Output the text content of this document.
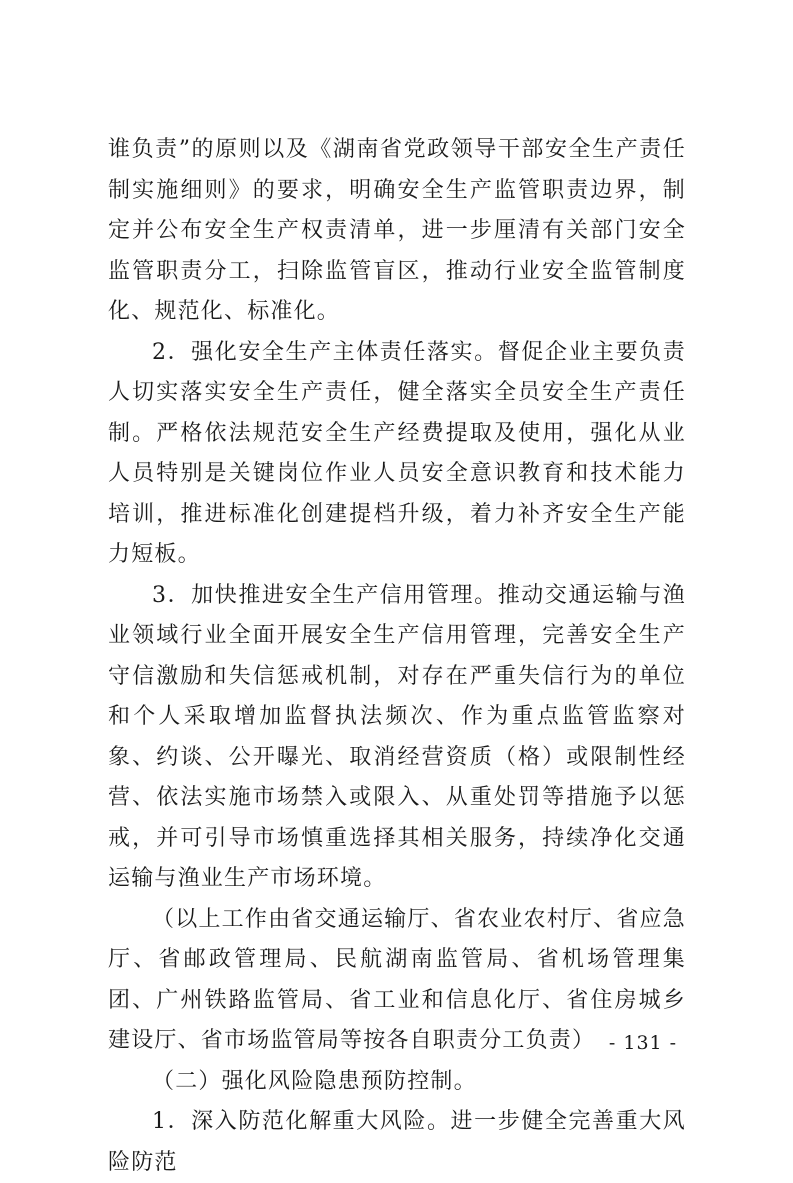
谁负责”的原则以及《湖南省党政领导干部安全生产责任制实施细则》的要求，明确安全生产监管职责边界，制定并公布安全生产权责清单，进一步厘清有关部门安全监管职责分工，扫除监管盲区，推动行业安全监管制度化、规范化、标准化。

2．强化安全生产主体责任落实。督促企业主要负责人切实落实安全生产责任，健全落实全员安全生产责任制。严格依法规范安全生产经费提取及使用，强化从业人员特别是关键岗位作业人员安全意识教育和技术能力培训，推进标准化创建提档升级，着力补齐安全生产能力短板。

3．加快推进安全生产信用管理。推动交通运输与渔业领域行业全面开展安全生产信用管理，完善安全生产守信激励和失信惩戒机制，对存在严重失信行为的单位和个人采取增加监督执法频次、作为重点监管监察对象、约谈、公开曝光、取消经营资质（格）或限制性经营、依法实施市场禁入或限入、从重处罚等措施予以惩戒，并可引导市场慎重选择其相关服务，持续净化交通运输与渔业生产市场环境。

（以上工作由省交通运输厅、省农业农村厅、省应急厅、省邮政管理局、民航湖南监管局、省机场管理集团、广州铁路监管局、省工业和信息化厅、省住房城乡建设厅、省市场监管局等按各自职责分工负责）

（二）强化风险隐患预防控制。

1．深入防范化解重大风险。进一步健全完善重大风险防范

- 131 -
